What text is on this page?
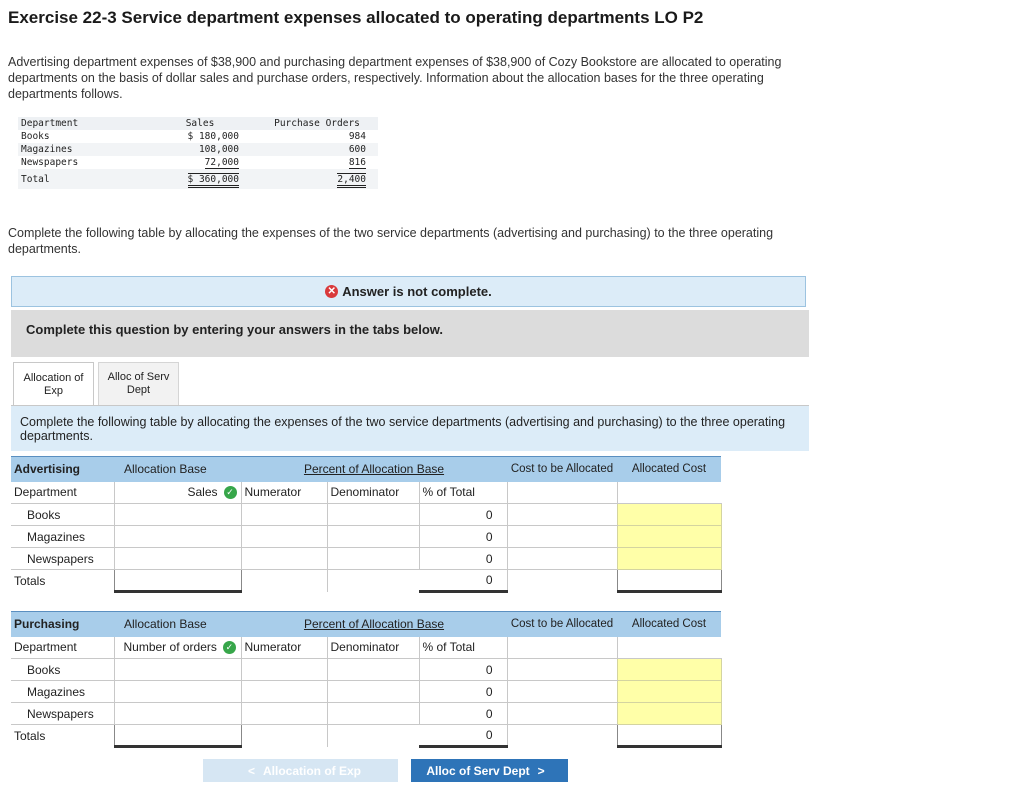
Exercise 22-3 Service department expenses allocated to operating departments LO P2
Advertising department expenses of $38,900 and purchasing department expenses of $38,900 of Cozy Bookstore are allocated to operating departments on the basis of dollar sales and purchase orders, respectively. Information about the allocation bases for the three operating departments follows.
Department	Sales		Purchase Orders
Books	$ 180,000		984
Magazines	108,000		600
Newspapers	72,000		816
Total	$ 360,000		2,400
Complete the following table by allocating the expenses of the two service departments (advertising and purchasing) to the three operating departments.
✕ Answer is not complete.
Complete this question by entering your answers in the tabs below.
Allocation of Exp
Alloc of Serv Dept
Complete the following table by allocating the expenses of the two service departments (advertising and purchasing) to the three operating departments.
Advertising	Allocation Base	Percent of Allocation Base			Cost to be Allocated	Allocated Cost
Department	Sales ✓	Numerator	Denominator	% of Total		
Books				0		
Magazines				0		
Newspapers				0		
Totals				0		
Purchasing	Allocation Base	Percent of Allocation Base			Cost to be Allocated	Allocated Cost
Department	Number of orders ✓	Numerator	Denominator	% of Total		
Books				0		
Magazines				0		
Newspapers				0		
Totals				0		
< Allocation of Exp	Alloc of Serv Dept >
